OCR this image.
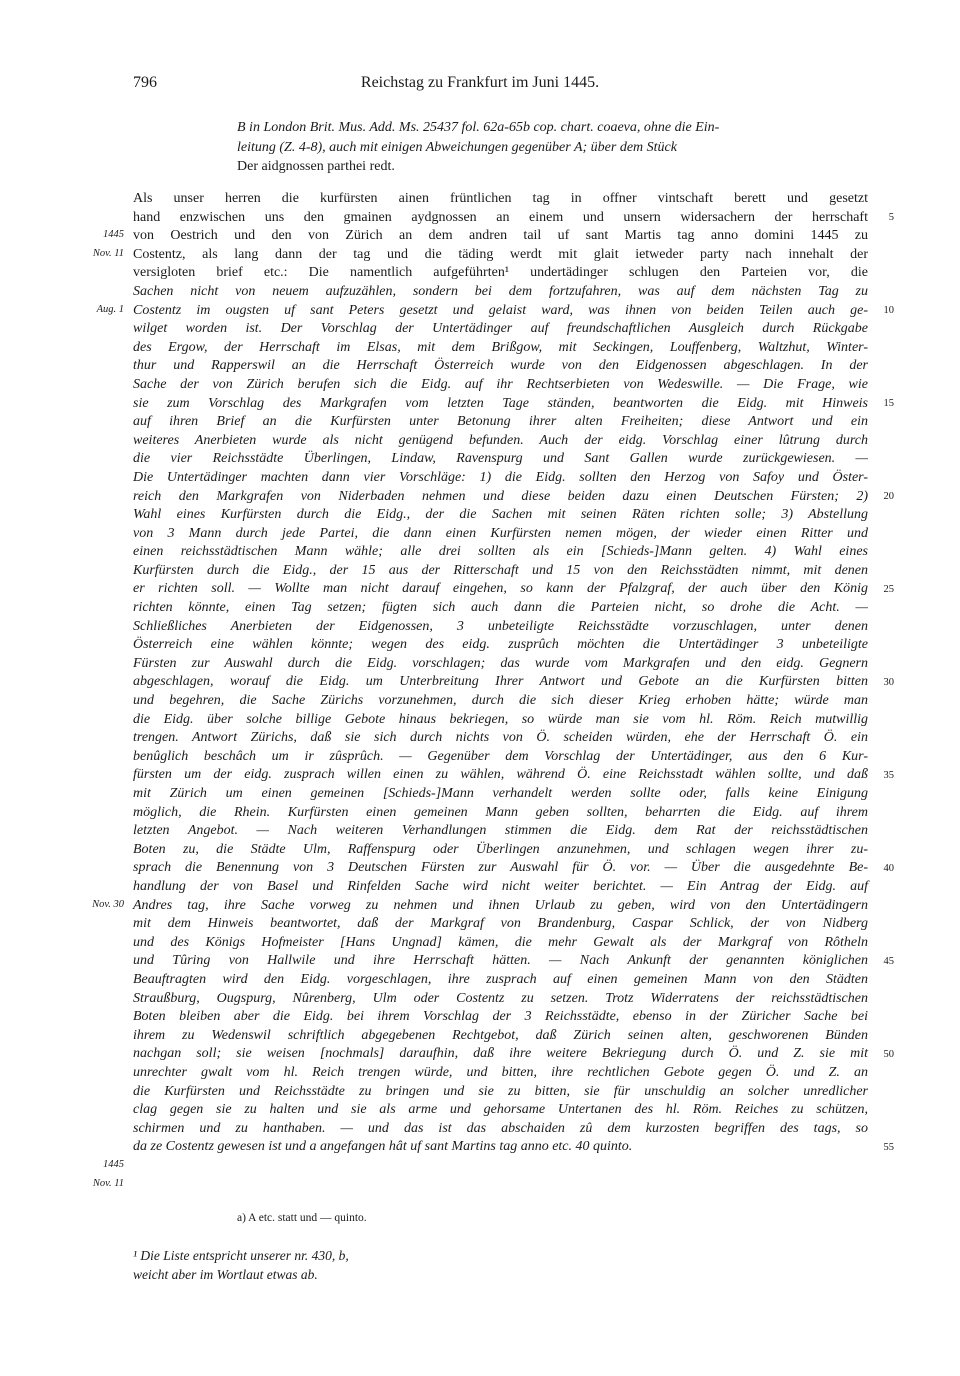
796	Reichstag zu Frankfurt im Juni 1445.
B in London Brit. Mus. Add. Ms. 25437 fol. 62a-65b cop. chart. coaeva, ohne die Ein-
leitung (Z. 4-8), auch mit einigen Abweichungen gegenüber A; über dem Stück
Der aidgnossen parthei redt.
Als unser herren die kurfürsten ainen früntlichen tag in offner vintschaft berett und gesetzt
hand enzwischen uns den gmainen aydgnossen an einem und unsern widersachern der herrschaft
von Oestrich und den von Zürich an dem andren tail uf sant Martis tag anno domini 1445 zu
Costentz, als lang dann der tag und die täding werdt mit glait ietweder party nach innehalt der
versigloten brief etc.: Die namentlich aufgeführten¹ undertädinger schlugen den Parteien vor, die
Sachen nicht von neuem aufzuzählen, sondern bei dem fortzufahren, was auf dem nächsten Tag zu
Costentz im ougsten uf sant Peters gesetzt und gelaist ward, was ihnen von beiden Teilen auch ge-
wilget worden ist. Der Vorschlag der Untertädinger auf freundschaftlichen Ausgleich durch Rückgabe
des Ergow, der Herrschaft im Elsas, mit dem Brißgow, mit Seckingen, Louffenberg, Waltzhut, Winter-
thur und Rapperswil an die Herrschaft Österreich wurde von den Eidgenossen abgeschlagen. In der
Sache der von Zürich berufen sich die Eidg. auf ihr Rechtserbieten von Wedeswille. — Die Frage, wie
sie zum Vorschlag des Markgrafen vom letzten Tage ständen, beantworten die Eidg. mit Hinweis
auf ihren Brief an die Kurfürsten unter Betonung ihrer alten Freiheiten; diese Antwort und ein
weiteres Anerbieten wurde als nicht genügend befunden. Auch der eidg. Vorschlag einer lûtrung durch
die vier Reichsstädte Überlingen, Lindaw, Ravenspurg und Sant Gallen wurde zurückgewiesen. —
Die Untertädinger machten dann vier Vorschläge: 1) die Eidg. sollten den Herzog von Safoy und Öster-
reich den Markgrafen von Niderbaden nehmen und diese beiden dazu einen Deutschen Fürsten; 2)
Wahl eines Kurfürsten durch die Eidg., der die Sachen mit seinen Räten richten solle; 3) Abstellung
von 3 Mann durch jede Partei, die dann einen Kurfürsten nemen mögen, der wieder einen Ritter und
einen reichsstädtischen Mann wähle; alle drei sollten als ein [Schieds-]Mann gelten. 4) Wahl eines
Kurfürsten durch die Eidg., der 15 aus der Ritterschaft und 15 von den Reichsstädten nimmt, mit denen
er richten soll. — Wollte man nicht darauf eingehen, so kann der Pfalzgraf, der auch über den König
richten könnte, einen Tag setzen; fügten sich auch dann die Parteien nicht, so drohe die Acht. —
Schließliches Anerbieten der Eidgenossen, 3 unbeteiligte Reichsstädte vorzuschlagen, unter denen
Österreich eine wählen könnte; wegen des eidg. zusprûch möchten die Untertädinger 3 unbeteiligte
Fürsten zur Auswahl durch die Eidg. vorschlagen; das wurde vom Markgrafen und den eidg. Gegnern
abgeschlagen, worauf die Eidg. um Unterbreitung Ihrer Antwort und Gebote an die Kurfürsten bitten
und begehren, die Sache Zürichs vorzunehmen, durch die sich dieser Krieg erhoben hätte; würde man
die Eidg. über solche billige Gebote hinaus bekriegen, so würde man sie vom hl. Röm. Reich mutwillig
trengen. Antwort Zürichs, daß sie sich durch nichts von Ö. scheiden würden, ehe der Herrschaft Ö. ein
benûglich beschâch um ir zûsprûch. — Gegenüber dem Vorschlag der Untertädinger, aus den 6 Kur-
fürsten um der eidg. zusprach willen einen zu wählen, während Ö. eine Reichsstadt wählen sollte, und daß
mit Zürich um einen gemeinen [Schieds-]Mann verhandelt werden sollte oder, falls keine Einigung
möglich, die Rhein. Kurfürsten einen gemeinen Mann geben sollten, beharrten die Eidg. auf ihrem
letzten Angebot. — Nach weiteren Verhandlungen stimmen die Eidg. dem Rat der reichsstädtischen
Boten zu, die Städte Ulm, Raffenspurg oder Überlingen anzunehmen, und schlagen wegen ihrer zu-
sprach die Benennung von 3 Deutschen Fürsten zur Auswahl für Ö. vor. — Über die ausgedehnte Be-
handlung der von Basel und Rinfelden Sache wird nicht weiter berichtet. — Ein Antrag der Eidg. auf
Andres tag, ihre Sache vorweg zu nehmen und ihnen Urlaub zu geben, wird von den Untertädingern
mit dem Hinweis beantwortet, daß der Markgraf von Brandenburg, Caspar Schlick, der von Nidberg
und des Königs Hofmeister [Hans Ungnad] kämen, die mehr Gewalt als der Markgraf von Rôtheln
und Tûring von Hallwile und ihre Herrschaft hätten. — Nach Ankunft der genannten königlichen
Beauftragten wird den Eidg. vorgeschlagen, ihre zusprach auf einen gemeinen Mann von den Städten
Straußburg, Ougspurg, Nûrenberg, Ulm oder Costentz zu setzen. Trotz Widerratens der reichsstädtischen
Boten bleiben aber die Eidg. bei ihrem Vorschlag der 3 Reichsstädte, ebenso in der Züricher Sache bei
ihrem zu Wedenswil schriftlich abgegebenen Rechtgebot, daß Zürich seinen alten, geschworenen Bünden
nachgan soll; sie weisen [nochmals] daraufhin, daß ihre weitere Bekriegung durch Ö. und Z. sie mit
unrechter gwalt vom hl. Reich trengen würde, und bitten, ihre rechtlichen Gebote gegen Ö. und Z. an
die Kurfürsten und Reichsstädte zu bringen und sie zu bitten, sie für unschuldig an solcher unredlicher
clag gegen sie zu halten und sie als arme und gehorsame Untertanen des hl. Röm. Reiches zu schützen,
schirmen und zu hanthaben. — und das ist das abschaiden zû dem kurzosten begriffen des tags, so
da ze Costentz gewesen ist und a angefangen hât uf sant Martins tag anno etc. 40 quinto.
1445
Nov. 11
Aug. 1
Nov. 30
1445
Nov. 11
5
10
15
20
25
30
35
40
45
50
55
a) A etc. statt und — quinto.
¹ Die Liste entspricht unserer nr. 430, b,
weicht aber im Wortlaut etwas ab.
